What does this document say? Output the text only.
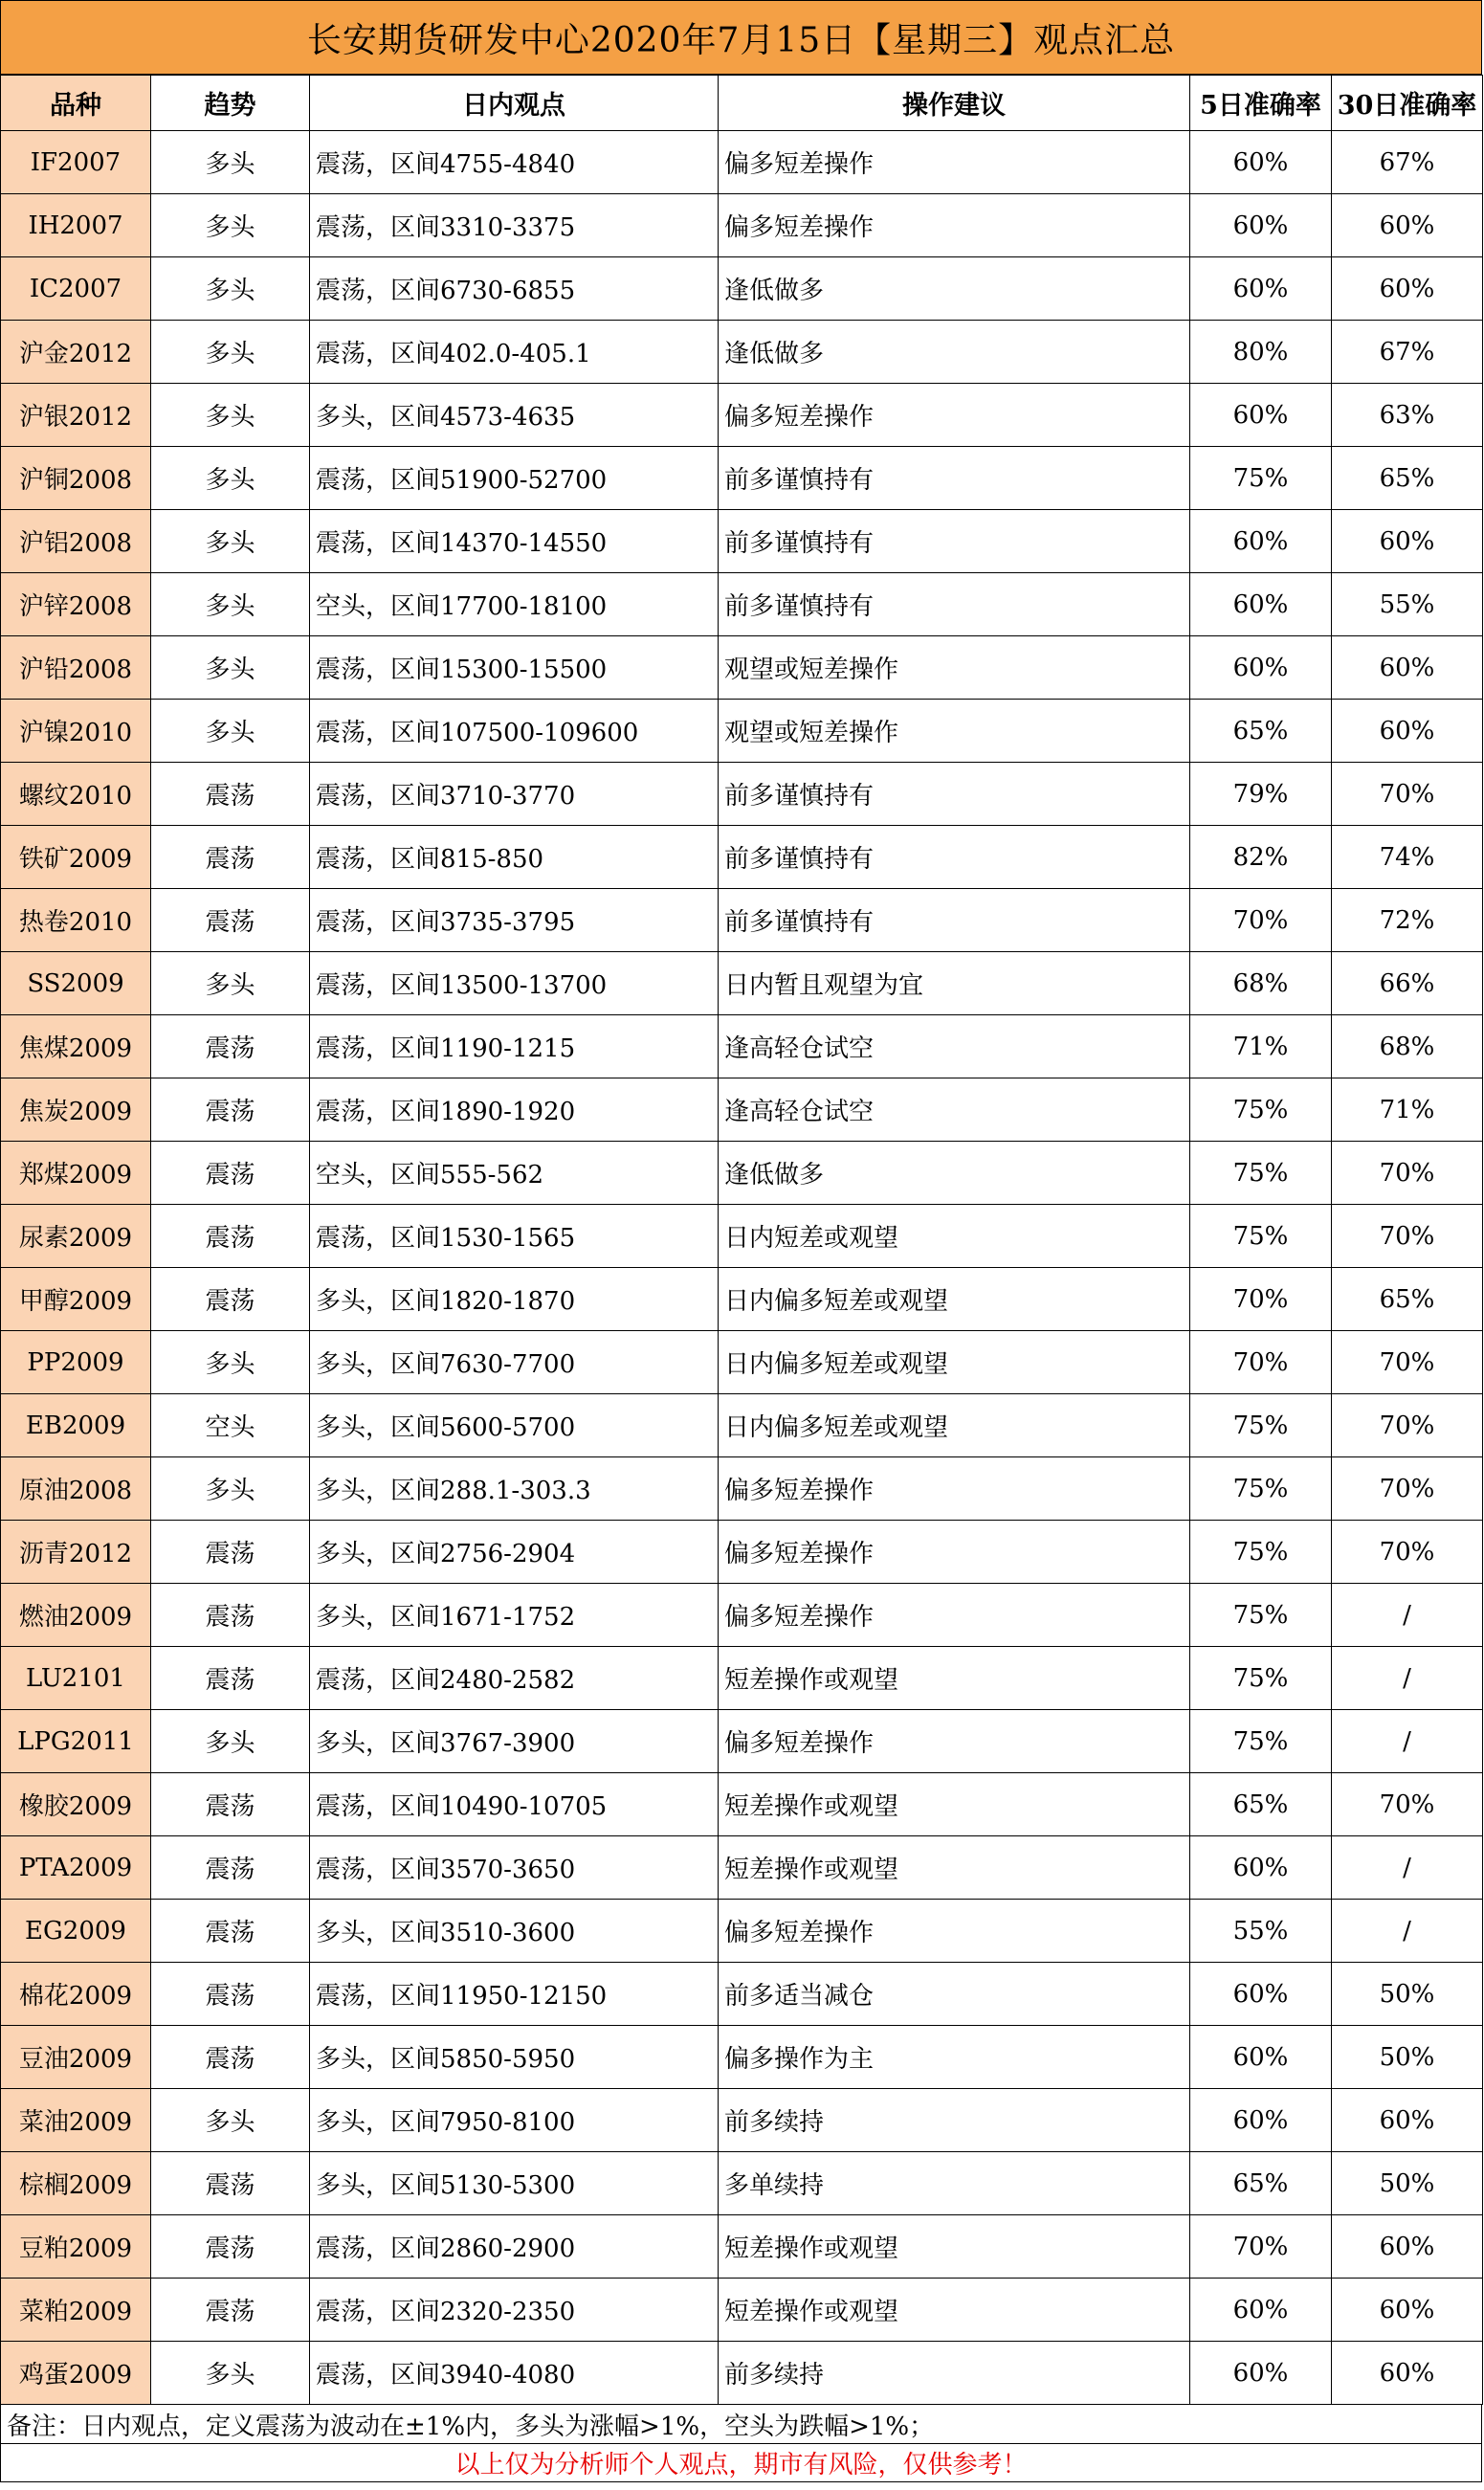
长安期货研发中心2020年7月15日【星期三】观点汇总
品种	趋势	日内观点	操作建议	5日准确率	30日准确率
IF2007	多头	震荡，区间4755-4840	偏多短差操作	60%	67%
IH2007	多头	震荡，区间3310-3375	偏多短差操作	60%	60%
IC2007	多头	震荡，区间6730-6855	逢低做多	60%	60%
沪金2012	多头	震荡，区间402.0-405.1	逢低做多	80%	67%
沪银2012	多头	多头，区间4573-4635	偏多短差操作	60%	63%
沪铜2008	多头	震荡，区间51900-52700	前多谨慎持有	75%	65%
沪铝2008	多头	震荡，区间14370-14550	前多谨慎持有	60%	60%
沪锌2008	多头	空头，区间17700-18100	前多谨慎持有	60%	55%
沪铅2008	多头	震荡，区间15300-15500	观望或短差操作	60%	60%
沪镍2010	多头	震荡，区间107500-109600	观望或短差操作	65%	60%
螺纹2010	震荡	震荡，区间3710-3770	前多谨慎持有	79%	70%
铁矿2009	震荡	震荡，区间815-850	前多谨慎持有	82%	74%
热卷2010	震荡	震荡，区间3735-3795	前多谨慎持有	70%	72%
SS2009	多头	震荡，区间13500-13700	日内暂且观望为宜	68%	66%
焦煤2009	震荡	震荡，区间1190-1215	逢高轻仓试空	71%	68%
焦炭2009	震荡	震荡，区间1890-1920	逢高轻仓试空	75%	71%
郑煤2009	震荡	空头，区间555-562	逢低做多	75%	70%
尿素2009	震荡	震荡，区间1530-1565	日内短差或观望	75%	70%
甲醇2009	震荡	多头，区间1820-1870	日内偏多短差或观望	70%	65%
PP2009	多头	多头，区间7630-7700	日内偏多短差或观望	70%	70%
EB2009	空头	多头，区间5600-5700	日内偏多短差或观望	75%	70%
原油2008	多头	多头，区间288.1-303.3	偏多短差操作	75%	70%
沥青2012	震荡	多头，区间2756-2904	偏多短差操作	75%	70%
燃油2009	震荡	多头，区间1671-1752	偏多短差操作	75%	/
LU2101	震荡	震荡，区间2480-2582	短差操作或观望	75%	/
LPG2011	多头	多头，区间3767-3900	偏多短差操作	75%	/
橡胶2009	震荡	震荡，区间10490-10705	短差操作或观望	65%	70%
PTA2009	震荡	震荡，区间3570-3650	短差操作或观望	60%	/
EG2009	震荡	多头，区间3510-3600	偏多短差操作	55%	/
棉花2009	震荡	震荡，区间11950-12150	前多适当减仓	60%	50%
豆油2009	震荡	多头，区间5850-5950	偏多操作为主	60%	50%
菜油2009	多头	多头，区间7950-8100	前多续持	60%	60%
棕榈2009	震荡	多头，区间5130-5300	多单续持	65%	50%
豆粕2009	震荡	震荡，区间2860-2900	短差操作或观望	70%	60%
菜粕2009	震荡	震荡，区间2320-2350	短差操作或观望	60%	60%
鸡蛋2009	多头	震荡，区间3940-4080	前多续持	60%	60%
备注：日内观点，定义震荡为波动在±1%内，多头为涨幅>1%，空头为跌幅>1%；
以上仅为分析师个人观点，期市有风险，仅供参考！
